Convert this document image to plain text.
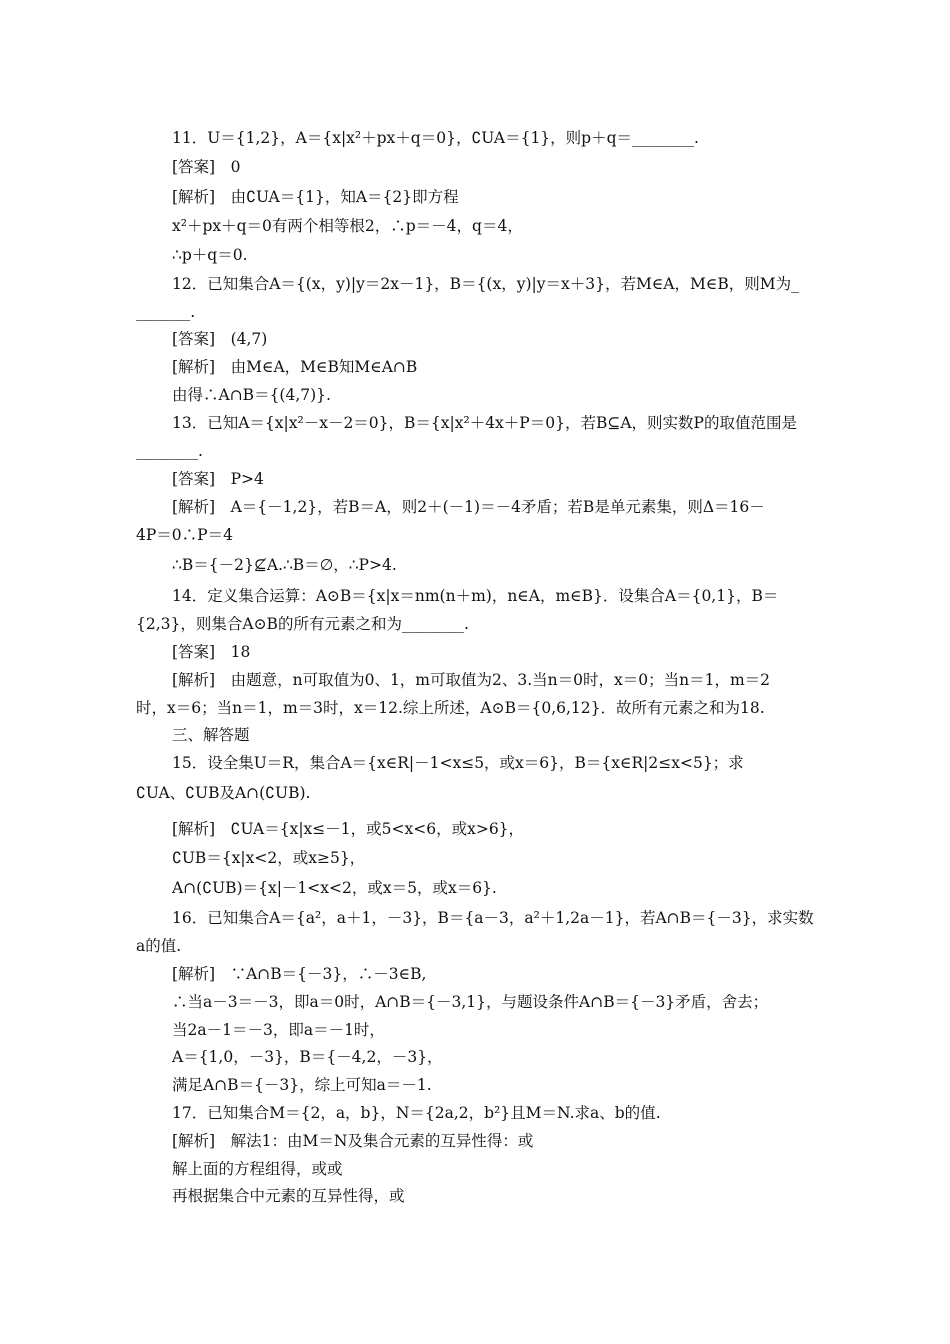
11．U＝{1,2}，A＝{x|x²＋px＋q＝0}，∁UA＝{1}，则p＋q＝________.
[答案]　0
[解析]　由∁UA＝{1}，知A＝{2}即方程
x²＋px＋q＝0有两个相等根2，∴p＝－4，q＝4，
∴p＋q＝0.
12．已知集合A＝{(x，y)|y＝2x－1}，B＝{(x，y)|y＝x＋3}，若M∈A，M∈B，则M为_
_______.
[答案]　(4,7)
[解析]　由M∈A，M∈B知M∈A∩B
由得∴A∩B＝{(4,7)}.
13．已知A＝{x|x²－x－2＝0}，B＝{x|x²＋4x＋P＝0}，若B⊆A，则实数P的取值范围是
________.
[答案]　P>4
[解析]　A＝{－1,2}，若B＝A，则2＋(－1)＝－4矛盾；若B是单元素集，则Δ＝16－
4P＝0∴P＝4
∴B＝{－2}⊈A.∴B＝∅，∴P>4.
14．定义集合运算：A⊙B＝{x|x＝nm(n＋m)，n∈A，m∈B}．设集合A＝{0,1}，B＝
{2,3}，则集合A⊙B的所有元素之和为________.
[答案]　18
[解析]　由题意，n可取值为0、1，m可取值为2、3.当n＝0时，x＝0；当n＝1，m＝2
时，x＝6；当n＝1，m＝3时，x＝12.综上所述，A⊙B＝{0,6,12}．故所有元素之和为18.
三、解答题
15．设全集U＝R，集合A＝{x∈R|－1<x≤5，或x＝6}，B＝{x∈R|2≤x<5}；求
∁UA、∁UB及A∩(∁UB).
[解析]　∁UA＝{x|x≤－1，或5<x<6，或x>6}，
∁UB＝{x|x<2，或x≥5}，
A∩(∁UB)＝{x|－1<x<2，或x＝5，或x＝6}.
16．已知集合A＝{a²，a＋1，－3}，B＝{a－3，a²＋1,2a－1}，若A∩B＝{－3}，求实数
a的值.
[解析]　∵A∩B＝{－3}，∴－3∈B,
∴当a－3＝－3，即a＝0时，A∩B＝{－3,1}，与题设条件A∩B＝{－3}矛盾，舍去；
当2a－1＝－3，即a＝－1时，
A＝{1,0，－3}，B＝{－4,2，－3}，
满足A∩B＝{－3}，综上可知a＝－1.
17．已知集合M＝{2，a，b}，N＝{2a,2，b²}且M＝N.求a、b的值.
[解析]　解法1：由M＝N及集合元素的互异性得：或
解上面的方程组得，或或
再根据集合中元素的互异性得，或
